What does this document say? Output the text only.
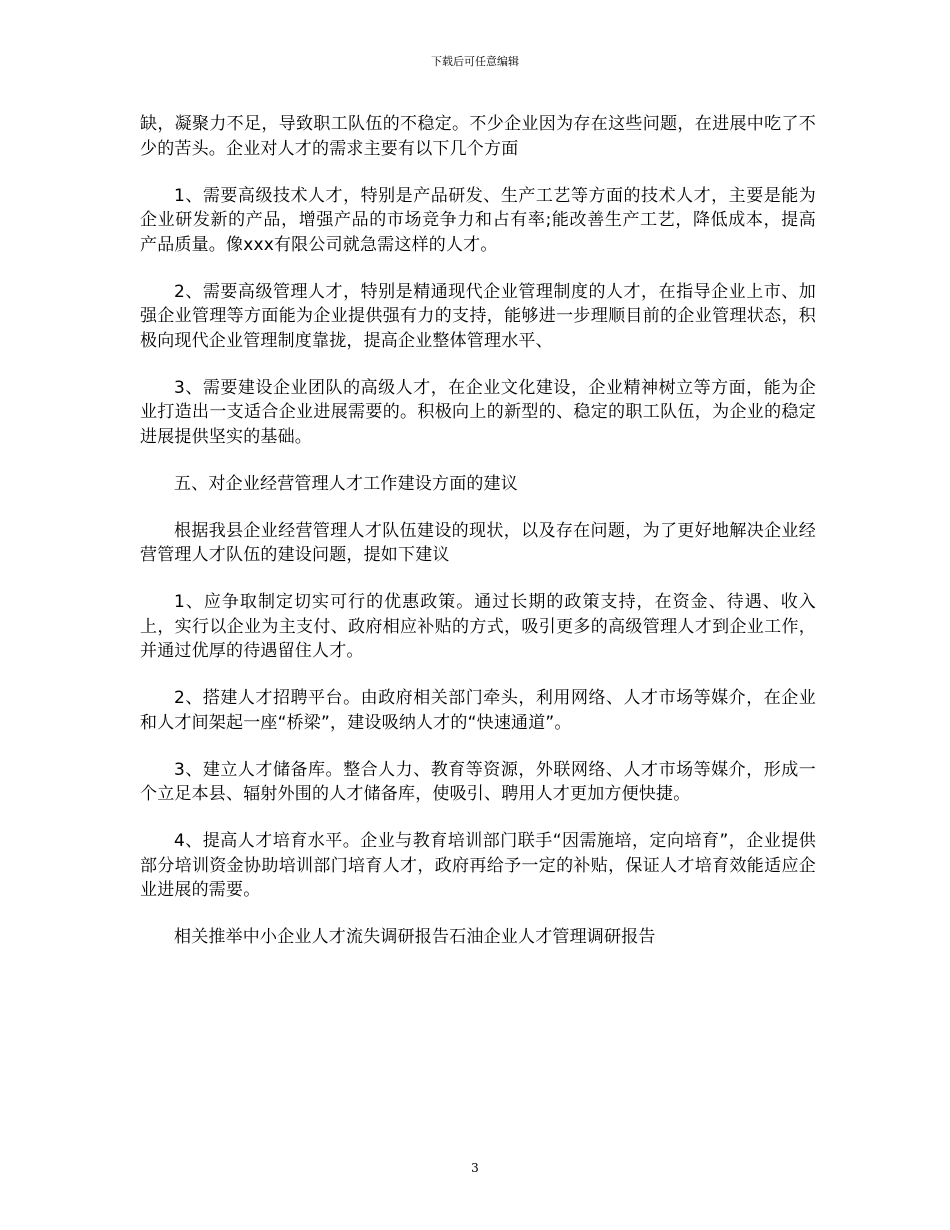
下载后可任意编辑

缺，凝聚力不足，导致职工队伍的不稳定。不少企业因为存在这些问题，在进展中吃了不少的苦头。企业对人才的需求主要有以下几个方面

1、需要高级技术人才，特别是产品研发、生产工艺等方面的技术人才，主要是能为企业研发新的产品，增强产品的市场竞争力和占有率;能改善生产工艺，降低成本，提高产品质量。像xxx有限公司就急需这样的人才。

2、需要高级管理人才，特别是精通现代企业管理制度的人才，在指导企业上市、加强企业管理等方面能为企业提供强有力的支持，能够进一步理顺目前的企业管理状态，积极向现代企业管理制度靠拢，提高企业整体管理水平、

3、需要建设企业团队的高级人才，在企业文化建设，企业精神树立等方面，能为企业打造出一支适合企业进展需要的。积极向上的新型的、稳定的职工队伍，为企业的稳定进展提供坚实的基础。

五、对企业经营管理人才工作建设方面的建议

根据我县企业经营管理人才队伍建设的现状，以及存在问题，为了更好地解决企业经营管理人才队伍的建设问题，提如下建议

1、应争取制定切实可行的优惠政策。通过长期的政策支持，在资金、待遇、收入上，实行以企业为主支付、政府相应补贴的方式，吸引更多的高级管理人才到企业工作，并通过优厚的待遇留住人才。

2、搭建人才招聘平台。由政府相关部门牵头，利用网络、人才市场等媒介，在企业和人才间架起一座“桥梁”，建设吸纳人才的“快速通道”。

3、建立人才储备库。整合人力、教育等资源，外联网络、人才市场等媒介，形成一个立足本县、辐射外围的人才储备库，使吸引、聘用人才更加方便快捷。

4、提高人才培育水平。企业与教育培训部门联手“因需施培，定向培育”，企业提供部分培训资金协助培训部门培育人才，政府再给予一定的补贴，保证人才培育效能适应企业进展的需要。

相关推举中小企业人才流失调研报告石油企业人才管理调研报告

3
